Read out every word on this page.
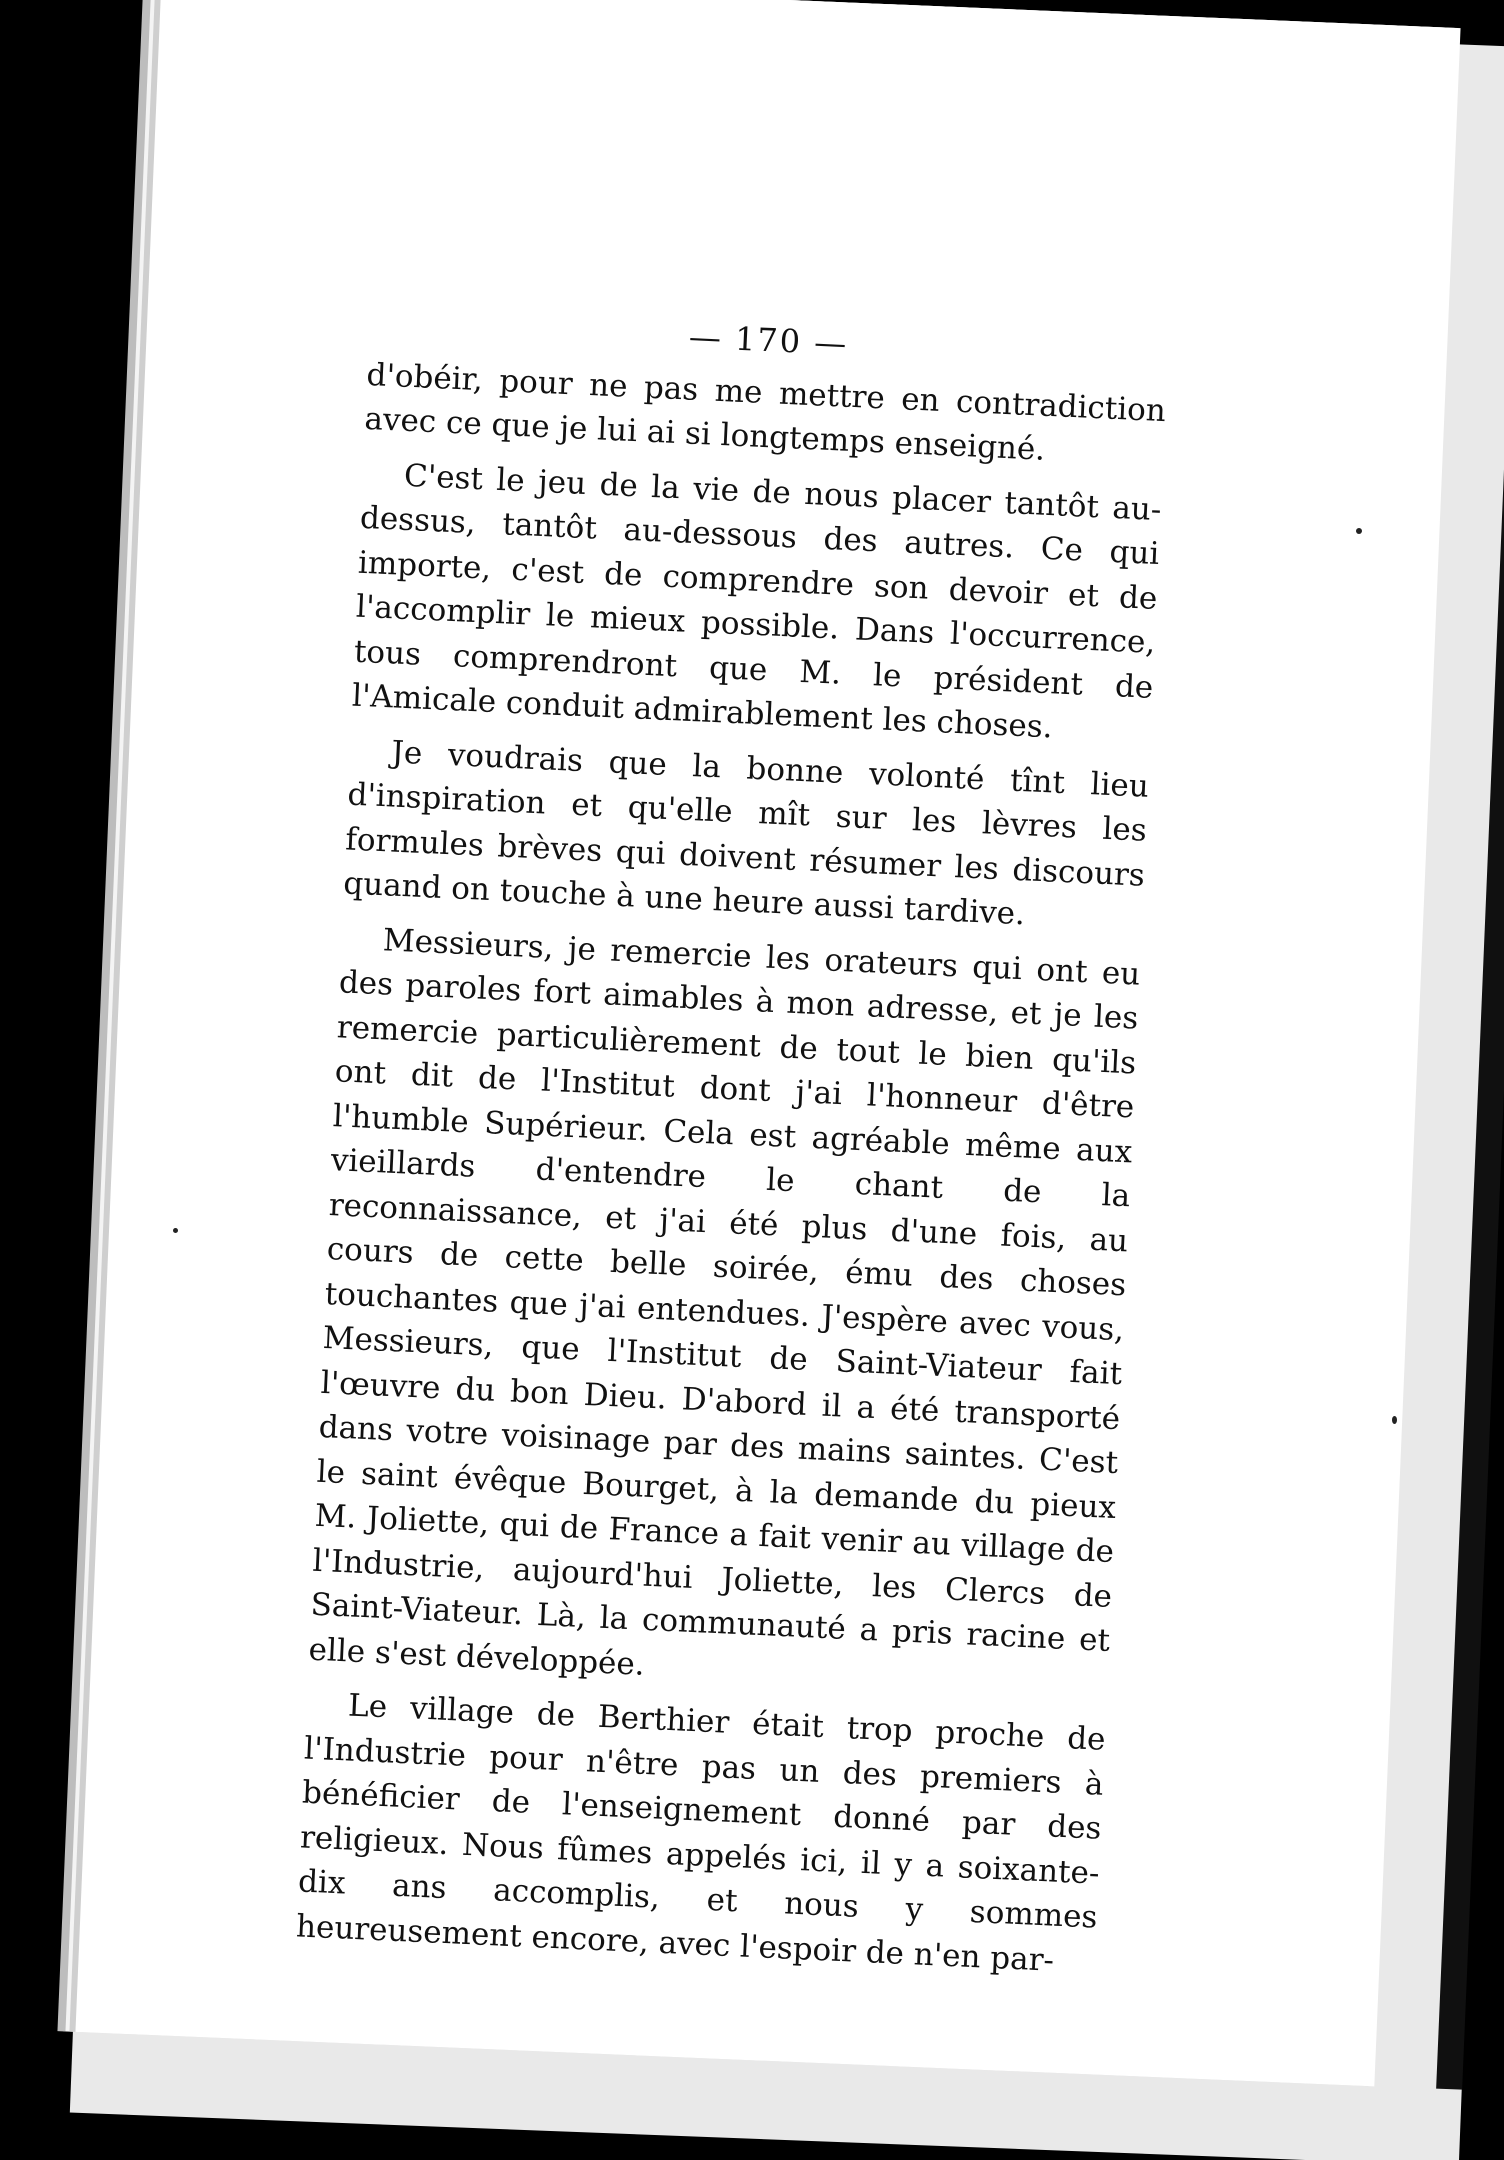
— 170 —

d'obéir, pour ne pas me mettre en contradiction avec ce que je lui ai si longtemps enseigné.

C'est le jeu de la vie de nous placer tantôt au-dessus, tantôt au-dessous des autres. Ce qui importe, c'est de comprendre son devoir et de l'accomplir le mieux possible. Dans l'occurrence, tous comprendront que M. le président de l'Amicale conduit admirablement les choses.

Je voudrais que la bonne volonté tînt lieu d'inspiration et qu'elle mît sur les lèvres les formules brèves qui doivent résumer les discours quand on touche à une heure aussi tardive.

Messieurs, je remercie les orateurs qui ont eu des paroles fort aimables à mon adresse, et je les remercie particulièrement de tout le bien qu'ils ont dit de l'Institut dont j'ai l'honneur d'être l'humble Supérieur. Cela est agréable même aux vieillards d'entendre le chant de la reconnaissance, et j'ai été plus d'une fois, au cours de cette belle soirée, ému des choses touchantes que j'ai entendues. J'espère avec vous, Messieurs, que l'Institut de Saint-Viateur fait l'œuvre du bon Dieu. D'abord il a été transporté dans votre voisinage par des mains saintes. C'est le saint évêque Bourget, à la demande du pieux M. Joliette, qui de France a fait venir au village de l'Industrie, aujourd'hui Joliette, les Clercs de Saint-Viateur. Là, la communauté a pris racine et elle s'est développée.

Le village de Berthier était trop proche de l'Industrie pour n'être pas un des premiers à bénéficier de l'enseignement donné par des religieux. Nous fûmes appelés ici, il y a soixante-dix ans accomplis, et nous y sommes heureusement encore, avec l'espoir de n'en par-
